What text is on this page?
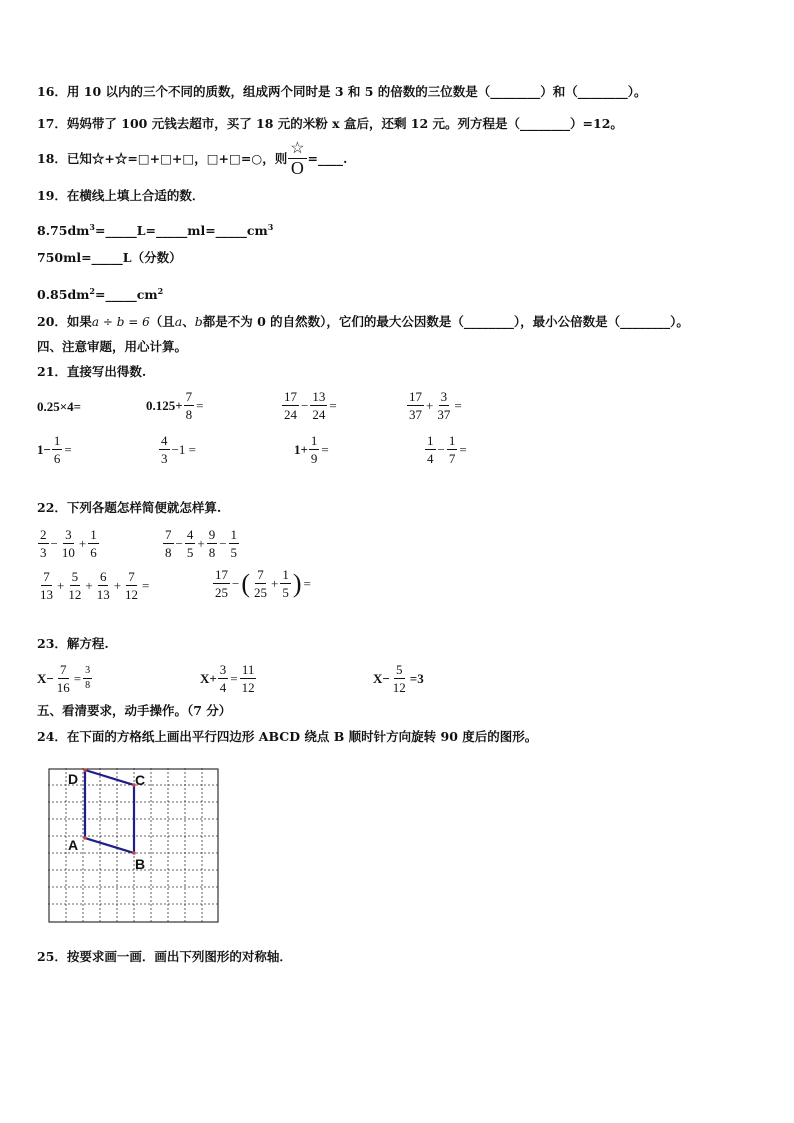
16．用 10 以内的三个不同的质数，组成两个同时是 3 和 5 的倍数的三位数是（________）和（________）。
17．妈妈带了 100 元钱去超市，买了 18 元的米粉 x 盒后，还剩 12 元。列方程是（________）=12。
18．已知☆+☆=□+□+□，□+□=○，则 $\frac{☆}{O}$ =____.
19．在横线上填上合适的数．
$8.75dm^3=\_\_\_\_\_L=\_\_\_\_\_ml=\_\_\_\_\_cm^3$
750ml=_____L（分数）
$0.85dm^2=\_\_\_\_\_cm^2$
20．如果a ÷ b = 6（且a、b都是不为 0 的自然数），它们的最大公因数是（________），最小公倍数是（________）。
四、注意审题，用心计算。
21．直接写出得数.
0.25×4=	$0.125+ \frac{7}{8}$ =	$\frac{17}{24} - \frac{13}{24}$ =	$\frac{17}{37} + \frac{3}{37}$ =
$1- \frac{1}{6}$ =	$\frac{4}{3} -1$ =	$1+ \frac{1}{9}$ =	$\frac{1}{4} - \frac{1}{7}$ =
22．下列各题怎样简便就怎样算.
$\frac{2}{3} - \frac{3}{10} + \frac{1}{6}$	$\frac{7}{8} - \frac{4}{5} + \frac{9}{8} - \frac{1}{5}$
$\frac{7}{13} + \frac{5}{12} + \frac{6}{13} + \frac{7}{12}$ =	$\frac{17}{25}$ − ( $\frac{7}{25} + \frac{1}{5}$ ) =
23．解方程.
$X- \frac{7}{16} = \frac{3}{8}$	$X+ \frac{3}{4} = \frac{11}{12}$	$X- \frac{5}{12} =3$
五、看清要求，动手操作。（7 分）
24．在下面的方格纸上画出平行四边形 ABCD 绕点 B 顺时针方向旋转 90 度后的图形。
D	C
A
B
25．按要求画一画．画出下列图形的对称轴．
